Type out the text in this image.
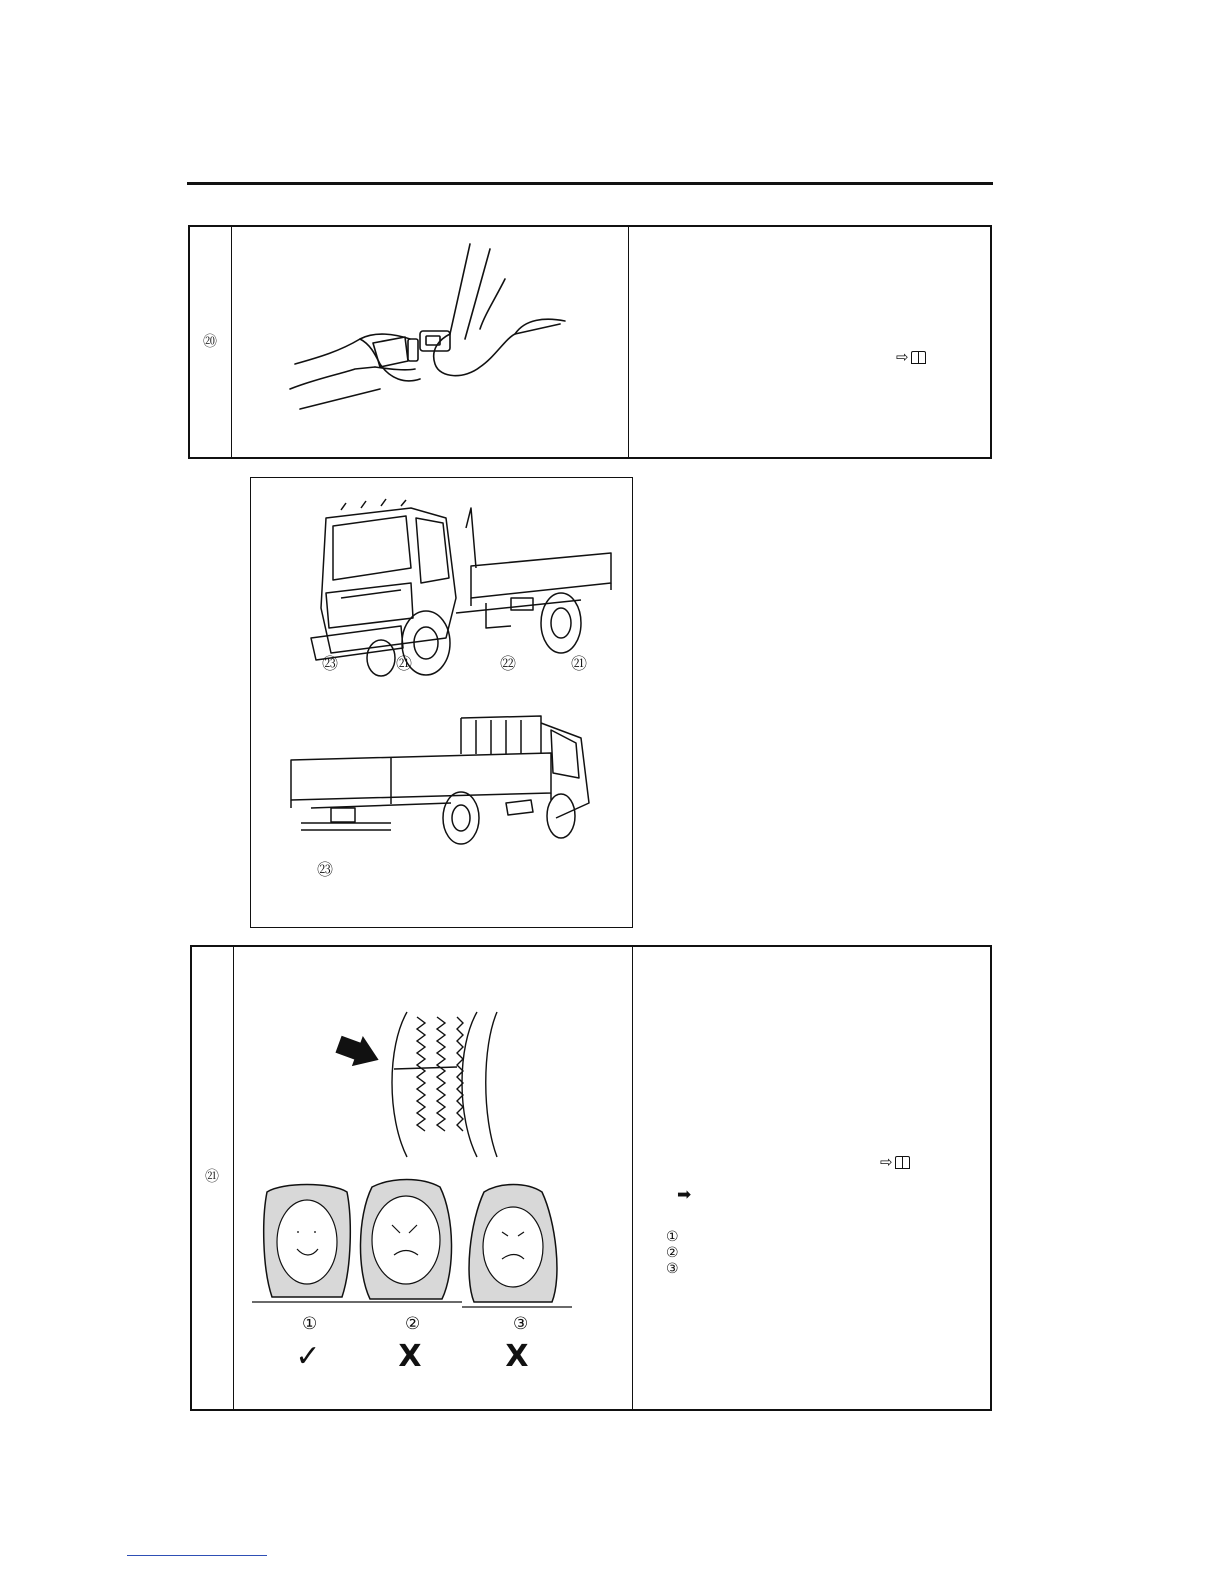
⑳
⇨
㉓	㉑	㉒	㉑
㉓
㉑
①	②	③
✓	X	X
⇨
➡
①
②
③
